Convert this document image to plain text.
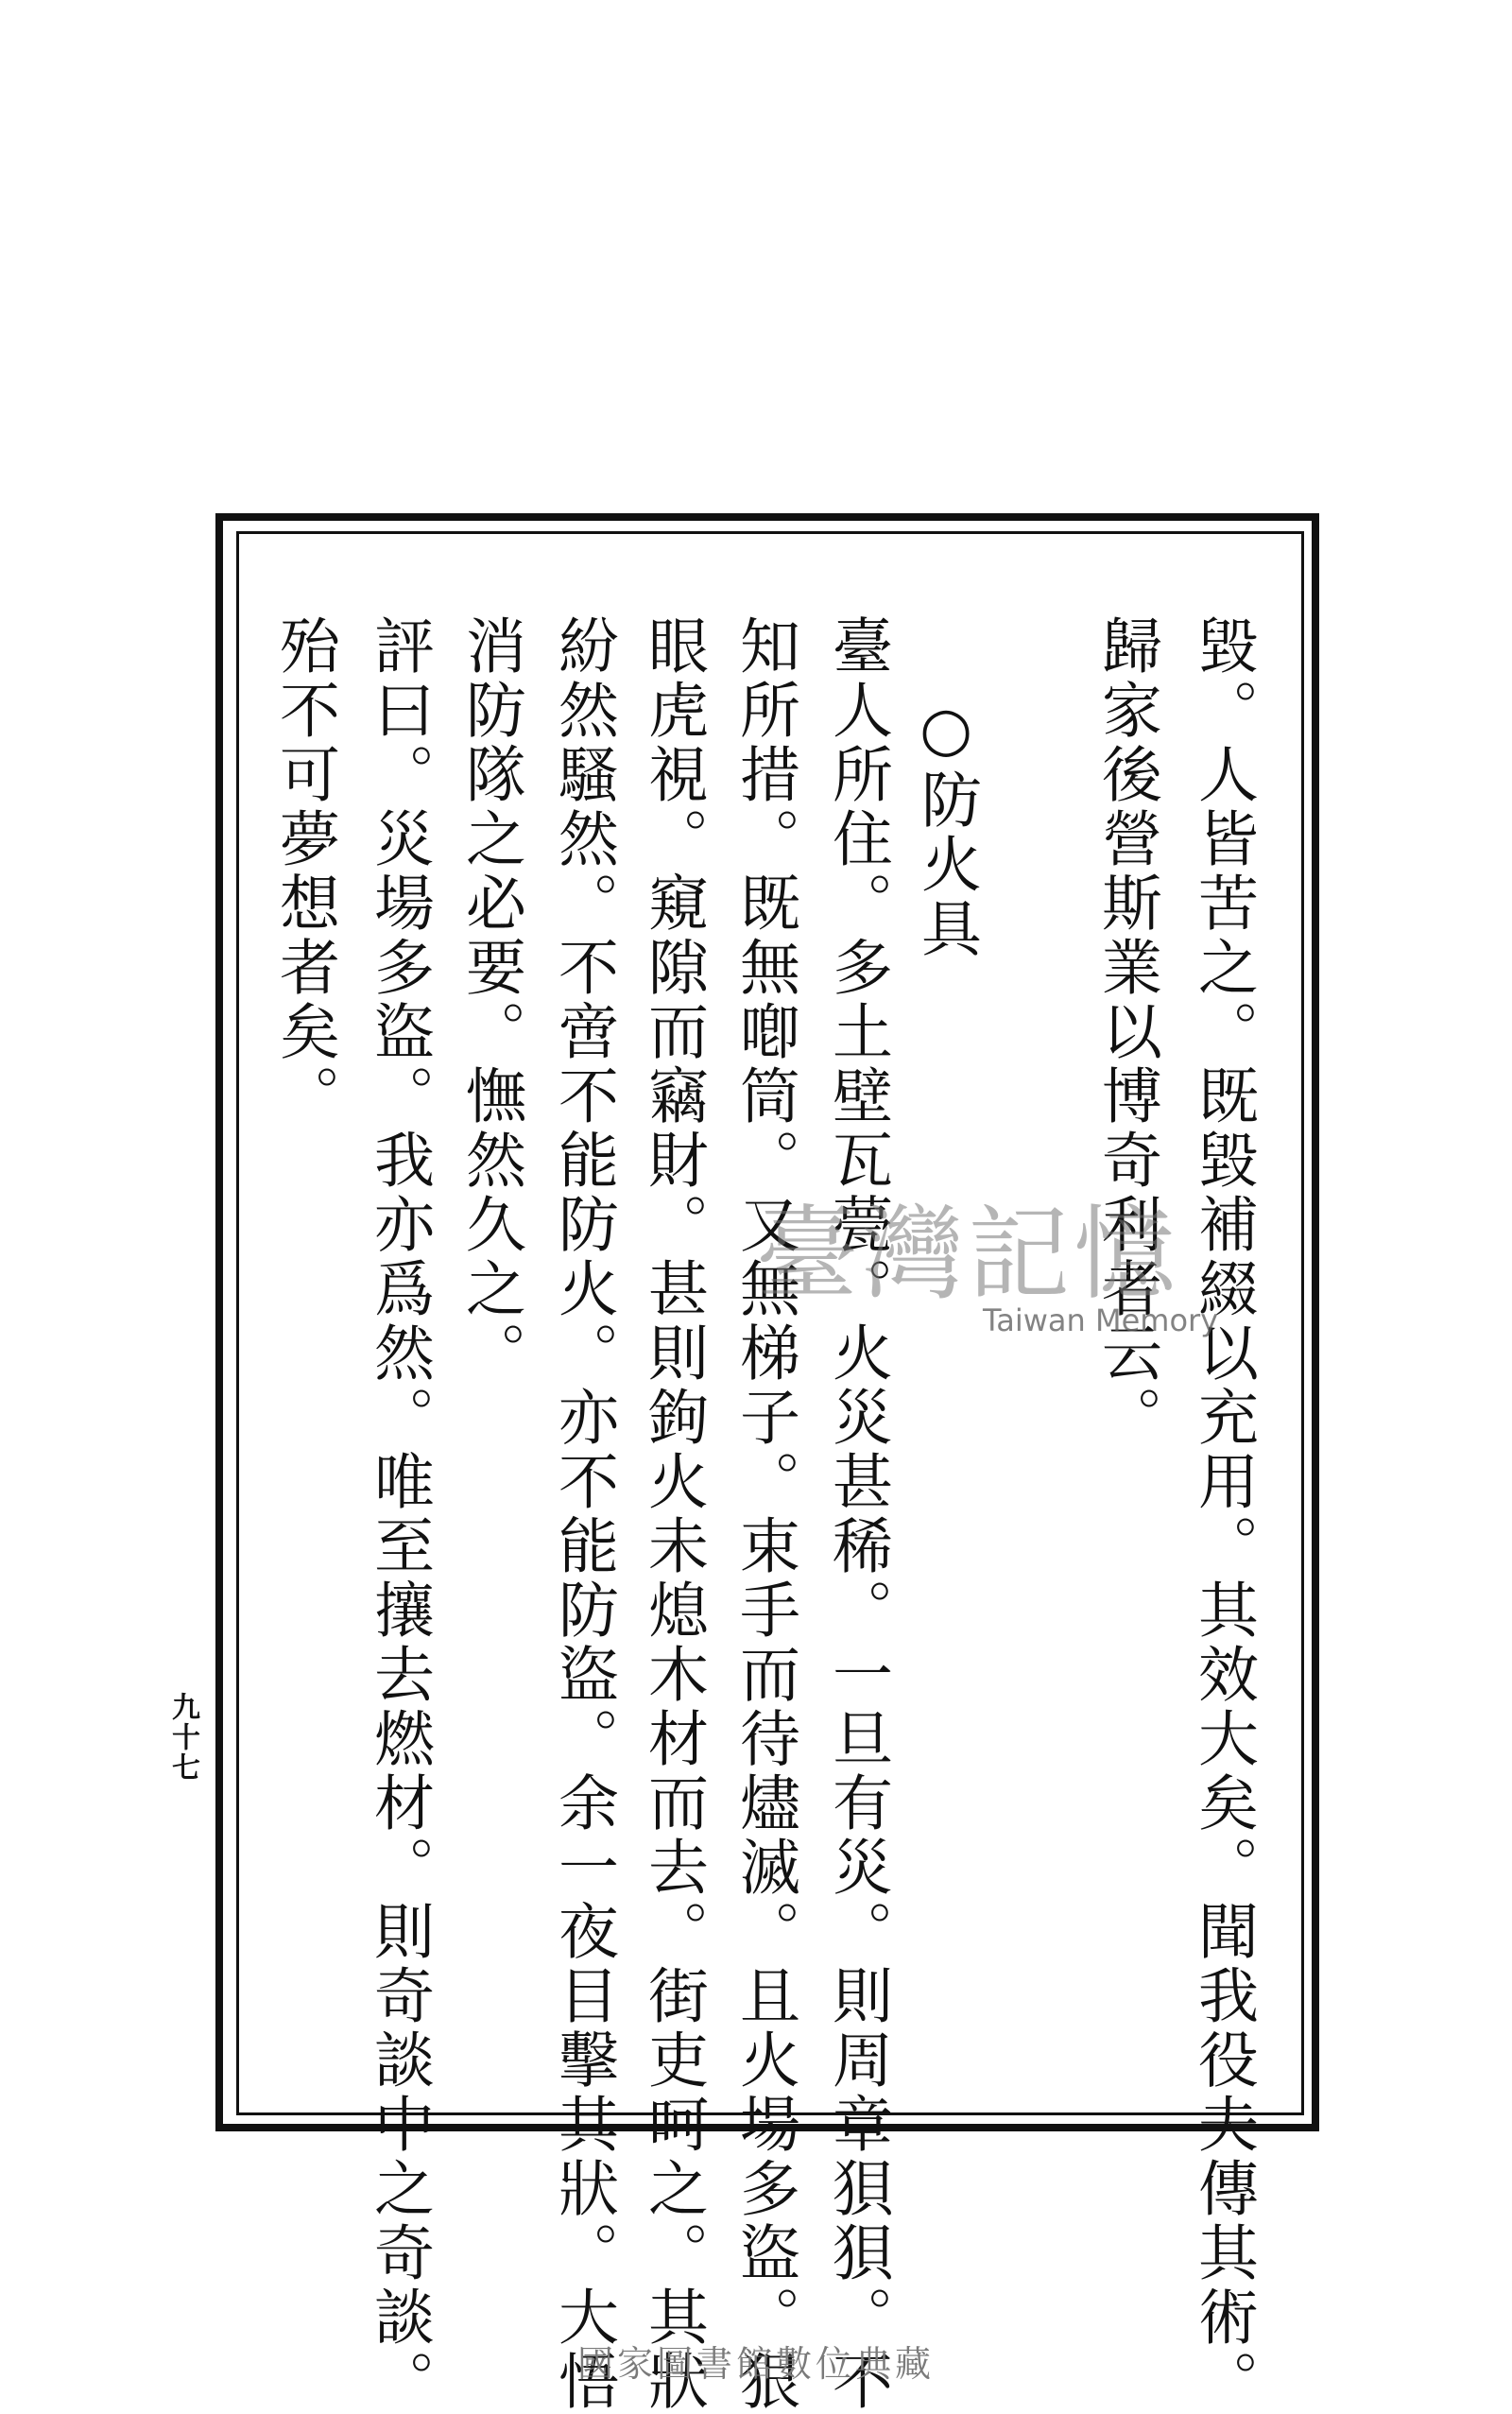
毀。人皆苦之。既毀補綴以充用。其效大矣。聞我役夫傳其術。
歸家後營斯業以博奇利者云。
○防火具
臺人所住。多土壁瓦甍。火災甚稀。一旦有災。則周章狽狽。不
知所措。既無喞筒。又無梯子。束手而待燼滅。且火場多盜。狠
眼虎視。窺隙而竊財。甚則鉤火未熄木材而去。街吏呵之。其狀
紛然騷然。不啻不能防火。亦不能防盜。余一夜目擊其狀。大悟
消防隊之必要。憮然久之。
評曰。災場多盜。我亦爲然。唯至攘去燃材。則奇談中之奇談。
殆不可夢想者矣。
九十七
臺灣記憶
Taiwan Memory
國家圖書館數位典藏
